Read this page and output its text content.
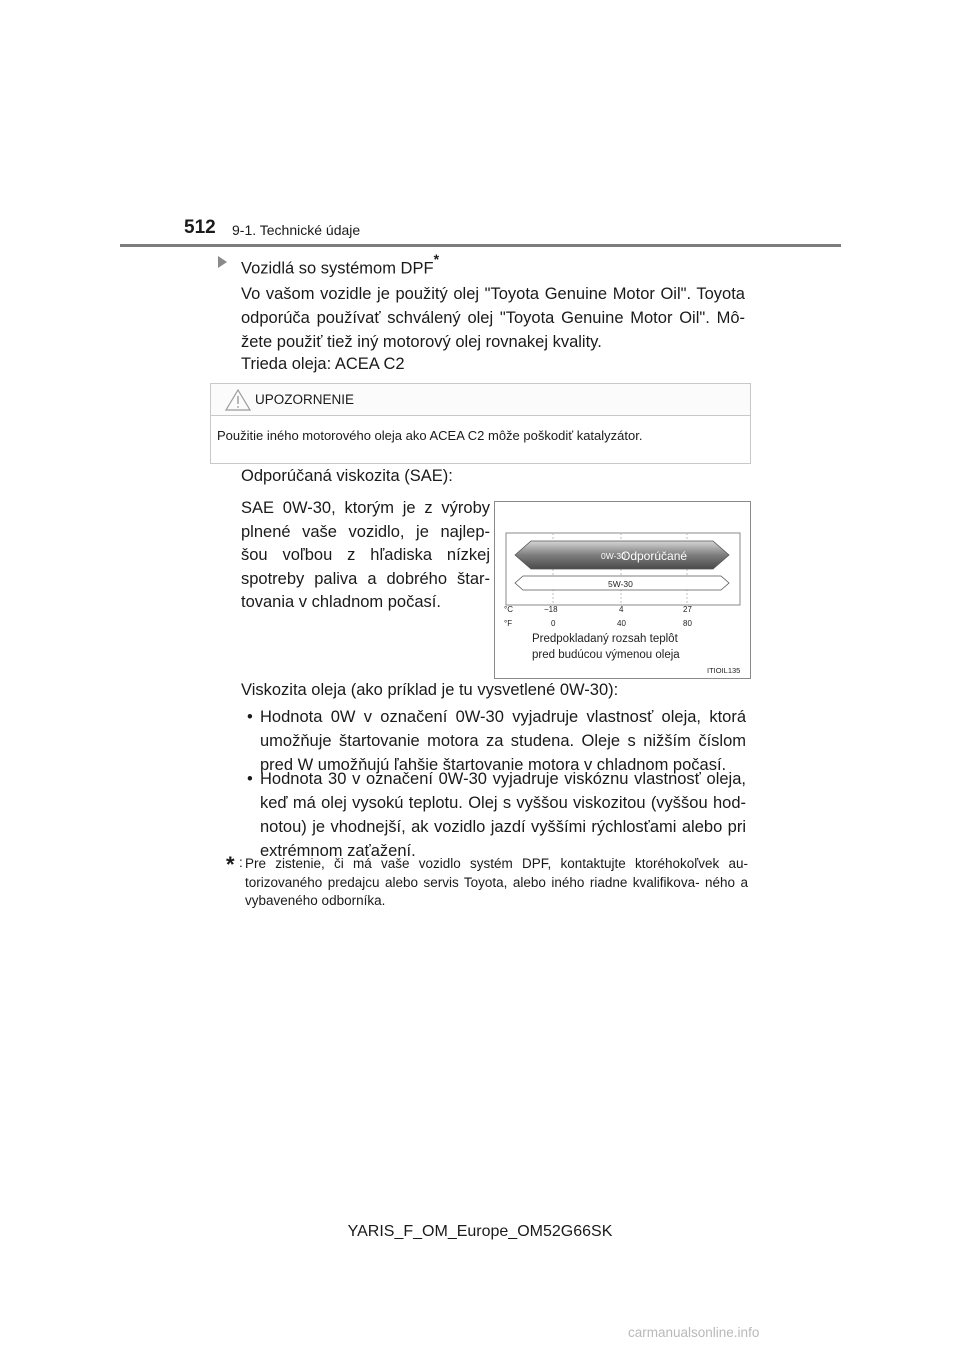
512 9-1. Technické údaje
Vozidlá so systémom DPF*
Vo vašom vozidle je použitý olej "Toyota Genuine Motor Oil". Toyota odporúča používať schválený olej "Toyota Genuine Motor Oil". Mô- žete použiť tiež iný motorový olej rovnakej kvality.
Trieda oleja: ACEA C2
UPOZORNENIE
Použitie iného motorového oleja ako ACEA C2 môže poškodiť katalyzátor.
Odporúčaná viskozita (SAE):
SAE 0W-30, ktorým je z výroby plnené vaše vozidlo, je najlep- šou voľbou z hľadiska nízkej spotreby paliva a dobrého štar- tovania v chladnom počasí.
0W-30
Odporúčané
5W-30
°C
°F
−18	4	27
0	40	80
Predpokladaný rozsah teplôt
pred budúcou výmenou oleja
ITIOIL135
Viskozita oleja (ako príklad je tu vysvetlené 0W-30):
• Hodnota 0W v označení 0W-30 vyjadruje vlastnosť oleja, ktorá umožňuje štartovanie motora za studena. Oleje s nižším číslom pred W umožňujú ľahšie štartovanie motora v chladnom počasí.
• Hodnota 30 v označení 0W-30 vyjadruje viskóznu vlastnosť oleja, keď má olej vysokú teplotu. Olej s vyššou viskozitou (vyššou hod- notou) je vhodnejší, ak vozidlo jazdí vyššími rýchlosťami alebo pri extrémnom zaťažení.
* : Pre zistenie, či má vaše vozidlo systém DPF, kontaktujte ktoréhokoľvek au- torizovaného predajcu alebo servis Toyota, alebo iného riadne kvalifikova- ného a vybaveného odborníka.
YARIS_F_OM_Europe_OM52G66SK
carmanualsonline.info
